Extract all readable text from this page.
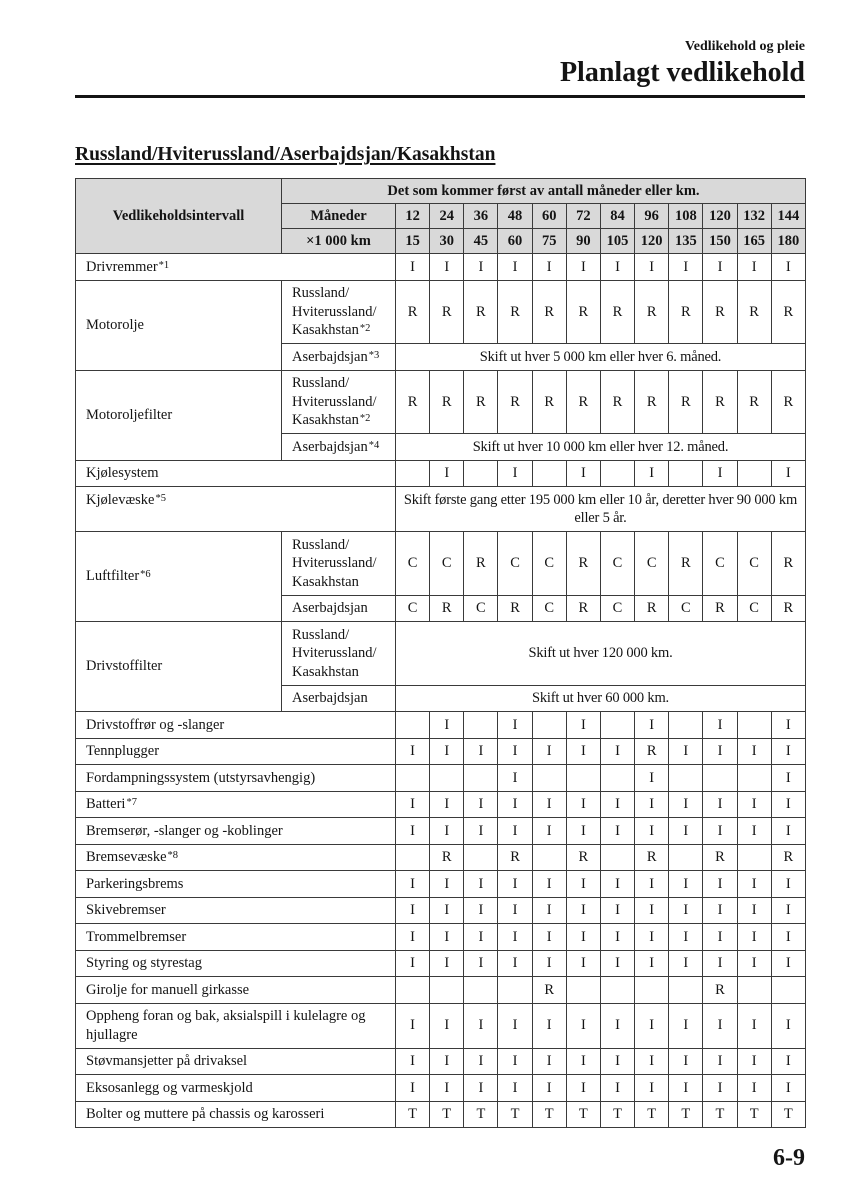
Vedlikehold og pleie
Planlagt vedlikehold
Russland/Hviterussland/Aserbajdsjan/Kasakhstan
Vedlikeholdsintervall	Det som kommer først av antall måneder eller km.												
	Måneder	12	24	36	48	60	72	84	96	108	120	132	144
	×1 000 km	15	30	45	60	75	90	105	120	135	150	165	180
Drivremmer$^{*1}$		I	I	I	I	I	I	I	I	I	I	I	I
Motorolje	Russland/
Hviterussland/
Kasakhstan$^{*2}$	R	R	R	R	R	R	R	R	R	R	R	R
	Aserbajdsjan$^{*3}$	Skift ut hver 5 000 km eller hver 6. måned.											
Motoroljefilter	Russland/
Hviterussland/
Kasakhstan$^{*2}$	R	R	R	R	R	R	R	R	R	R	R	R
	Aserbajdsjan$^{*4}$	Skift ut hver 10 000 km eller hver 12. måned.											
Kjølesystem			I		I		I		I		I		I
Kjølevæske$^{*5}$		Skift første gang etter 195 000 km eller 10 år, deretter hver 90 000 km eller 5 år.											
Luftfilter$^{*6}$	Russland/
Hviterussland/
Kasakhstan	C	C	R	C	C	R	C	C	R	C	C	R
	Aserbajdsjan	C	R	C	R	C	R	C	R	C	R	C	R
Drivstoffilter	Russland/
Hviterussland/
Kasakhstan	Skift ut hver 120 000 km.											
	Aserbajdsjan	Skift ut hver 60 000 km.											
Drivstoffrør og -slanger			I		I		I		I		I		I
Tennplugger		I	I	I	I	I	I	I	R	I	I	I	I
Fordampningssystem (utstyrsavhengig)					I				I				I
Batteri$^{*7}$		I	I	I	I	I	I	I	I	I	I	I	I
Bremserør, -slanger og -koblinger		I	I	I	I	I	I	I	I	I	I	I	I
Bremsevæske$^{*8}$			R		R		R		R		R		R
Parkeringsbrems		I	I	I	I	I	I	I	I	I	I	I	I
Skivebremser		I	I	I	I	I	I	I	I	I	I	I	I
Trommelbremser		I	I	I	I	I	I	I	I	I	I	I	I
Styring og styrestag		I	I	I	I	I	I	I	I	I	I	I	I
Girolje for manuell girkasse						R					R		
Oppheng foran og bak, aksialspill i kulelagre og hjullagre		I	I	I	I	I	I	I	I	I	I	I	I
Støvmansjetter på drivaksel		I	I	I	I	I	I	I	I	I	I	I	I
Eksosanlegg og varmeskjold		I	I	I	I	I	I	I	I	I	I	I	I
Bolter og muttere på chassis og karosseri		T	T	T	T	T	T	T	T	T	T	T	T
6-9
